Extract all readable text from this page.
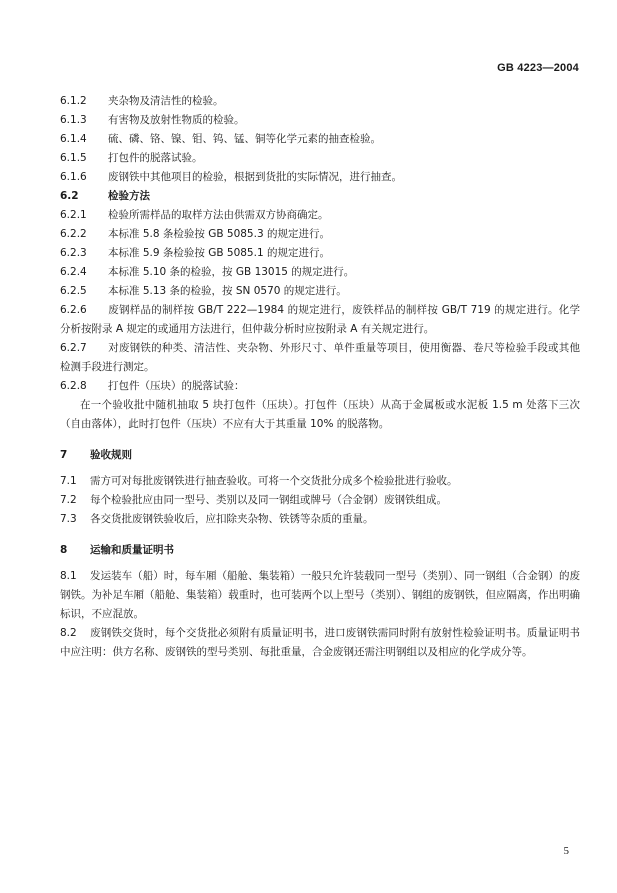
GB 4223—2004
6.1.2 夹杂物及清洁性的检验。
6.1.3 有害物及放射性物质的检验。
6.1.4 硫、磷、铬、镍、钼、钨、锰、铜等化学元素的抽查检验。
6.1.5 打包件的脱落试验。
6.1.6 废钢铁中其他项目的检验，根据到货批的实际情况，进行抽查。
6.2	检验方法
6.2.1 检验所需样品的取样方法由供需双方协商确定。
6.2.2 本标准 5.8 条检验按 GB 5085.3 的规定进行。
6.2.3 本标准 5.9 条检验按 GB 5085.1 的规定进行。
6.2.4 本标准 5.10 条的检验，按 GB 13015 的规定进行。
6.2.5 本标准 5.13 条的检验，按 SN 0570 的规定进行。
6.2.6 废钢样品的制样按 GB/T 222—1984 的规定进行，废铁样品的制样按 GB/T 719 的规定进行。化学分析按附录 A 规定的或通用方法进行，但仲裁分析时应按附录 A 有关规定进行。
6.2.7 对废钢铁的种类、清洁性、夹杂物、外形尺寸、单件重量等项目，使用衡器、卷尺等检验手段或其他检测手段进行测定。
6.2.8 打包件（压块）的脱落试验：
在一个验收批中随机抽取 5 块打包件（压块）。打包件（压块）从高于金属板或水泥板 1.5 m 处落下三次（自由落体），此时打包件（压块）不应有大于其重量 10% 的脱落物。
7 验收规则
7.1 需方可对每批废钢铁进行抽查验收。可将一个交货批分成多个检验批进行验收。
7.2 每个检验批应由同一型号、类别以及同一钢组或牌号（合金钢）废钢铁组成。
7.3 各交货批废钢铁验收后，应扣除夹杂物、铁锈等杂质的重量。
8 运输和质量证明书
8.1 发运装车（船）时，每车厢（船舱、集装箱）一般只允许装载同一型号（类别）、同一钢组（合金钢）的废钢铁。为补足车厢（船舱、集装箱）载重时，也可装两个以上型号（类别）、钢组的废钢铁，但应隔离，作出明确标识，不应混放。
8.2 废钢铁交货时，每个交货批必须附有质量证明书，进口废钢铁需同时附有放射性检验证明书。质量证明书中应注明：供方名称、废钢铁的型号类别、每批重量，合金废钢还需注明钢组以及相应的化学成分等。
5
